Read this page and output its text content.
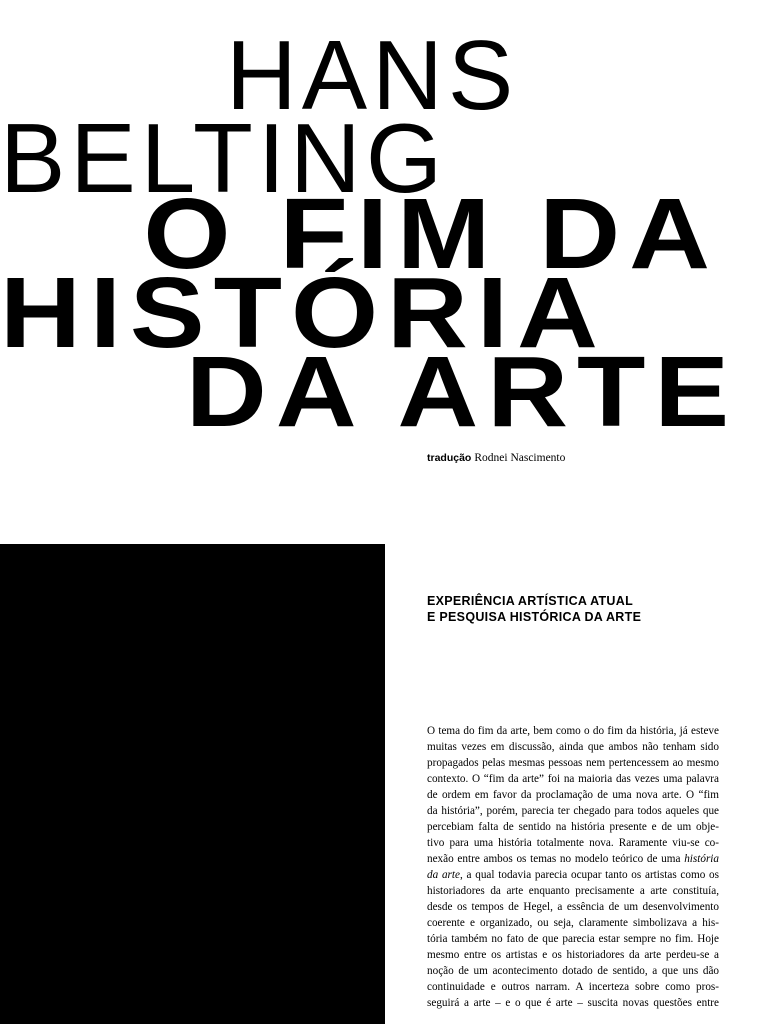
HANS
BELTING
O FIM DA
HISTÓRIA
DA ARTE
tradução Rodnei Nascimento
EXPERIÊNCIA ARTÍSTICA ATUAL
E PESQUISA HISTÓRICA DA ARTE
O tema do fim da arte, bem como o do fim da história, já esteve
muitas vezes em discussão, ainda que ambos não tenham sido
propagados pelas mesmas pessoas nem pertencessem ao mesmo
contexto. O “fim da arte” foi na maioria das vezes uma palavra
de ordem em favor da proclamação de uma nova arte. O “fim
da história”, porém, parecia ter chegado para todos aqueles que
percebiam falta de sentido na história presente e de um obje-
tivo para uma história totalmente nova. Raramente viu-se co-
nexão entre ambos os temas no modelo teórico de uma história
da arte, a qual todavia parecia ocupar tanto os artistas como os
historiadores da arte enquanto precisamente a arte constituía,
desde os tempos de Hegel, a essência de um desenvolvimento
coerente e organizado, ou seja, claramente simbolizava a his-
tória também no fato de que parecia estar sempre no fim. Hoje
mesmo entre os artistas e os historiadores da arte perdeu-se a
noção de um acontecimento dotado de sentido, a que uns dão
continuidade e outros narram. A incerteza sobre como pros-
seguirá a arte – e o que é arte – suscita novas questões entre
